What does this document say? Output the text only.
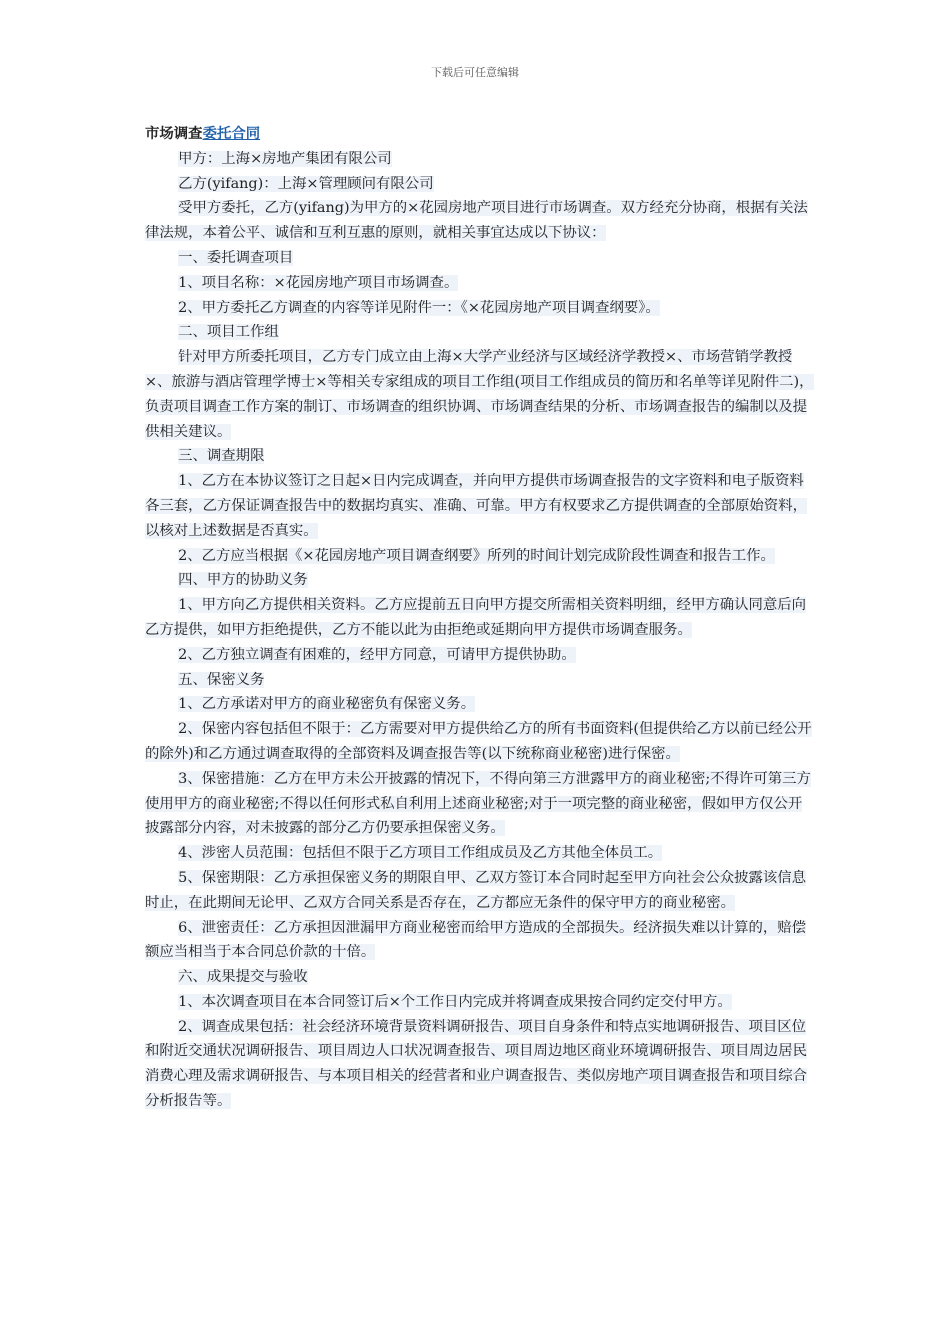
下载后可任意编辑

市场调查委托合同

甲方：上海×房地产集团有限公司

乙方(yifang)：上海×管理顾问有限公司

受甲方委托，乙方(yifang)为甲方的×花园房地产项目进行市场调查。双方经充分协商，根据有关法律法规，本着公平、诚信和互利互惠的原则，就相关事宜达成以下协议：

一、委托调查项目

1、项目名称：×花园房地产项目市场调查。

2、甲方委托乙方调查的内容等详见附件一：《×花园房地产项目调查纲要》。

二、项目工作组

针对甲方所委托项目，乙方专门成立由上海×大学产业经济与区域经济学教授×、市场营销学教授×、旅游与酒店管理学博士×等相关专家组成的项目工作组(项目工作组成员的简历和名单等详见附件二)，负责项目调查工作方案的制订、市场调查的组织协调、市场调查结果的分析、市场调查报告的编制以及提供相关建议。

三、调查期限

1、乙方在本协议签订之日起×日内完成调查，并向甲方提供市场调查报告的文字资料和电子版资料各三套，乙方保证调查报告中的数据均真实、准确、可靠。甲方有权要求乙方提供调查的全部原始资料，以核对上述数据是否真实。

2、乙方应当根据《×花园房地产项目调查纲要》所列的时间计划完成阶段性调查和报告工作。

四、甲方的协助义务

1、甲方向乙方提供相关资料。乙方应提前五日向甲方提交所需相关资料明细，经甲方确认同意后向乙方提供，如甲方拒绝提供，乙方不能以此为由拒绝或延期向甲方提供市场调查服务。

2、乙方独立调查有困难的，经甲方同意，可请甲方提供协助。

五、保密义务

1、乙方承诺对甲方的商业秘密负有保密义务。

2、保密内容包括但不限于：乙方需要对甲方提供给乙方的所有书面资料(但提供给乙方以前已经公开的除外)和乙方通过调查取得的全部资料及调查报告等(以下统称商业秘密)进行保密。

3、保密措施：乙方在甲方未公开披露的情况下，不得向第三方泄露甲方的商业秘密;不得许可第三方使用甲方的商业秘密;不得以任何形式私自利用上述商业秘密;对于一项完整的商业秘密，假如甲方仅公开披露部分内容，对未披露的部分乙方仍要承担保密义务。

4、涉密人员范围：包括但不限于乙方项目工作组成员及乙方其他全体员工。

5、保密期限：乙方承担保密义务的期限自甲、乙双方签订本合同时起至甲方向社会公众披露该信息时止，在此期间无论甲、乙双方合同关系是否存在，乙方都应无条件的保守甲方的商业秘密。

6、泄密责任：乙方承担因泄漏甲方商业秘密而给甲方造成的全部损失。经济损失难以计算的，赔偿额应当相当于本合同总价款的十倍。

六、成果提交与验收

1、本次调查项目在本合同签订后×个工作日内完成并将调查成果按合同约定交付甲方。

2、调查成果包括：社会经济环境背景资料调研报告、项目自身条件和特点实地调研报告、项目区位和附近交通状况调研报告、项目周边人口状况调查报告、项目周边地区商业环境调研报告、项目周边居民消费心理及需求调研报告、与本项目相关的经营者和业户调查报告、类似房地产项目调查报告和项目综合分析报告等。
